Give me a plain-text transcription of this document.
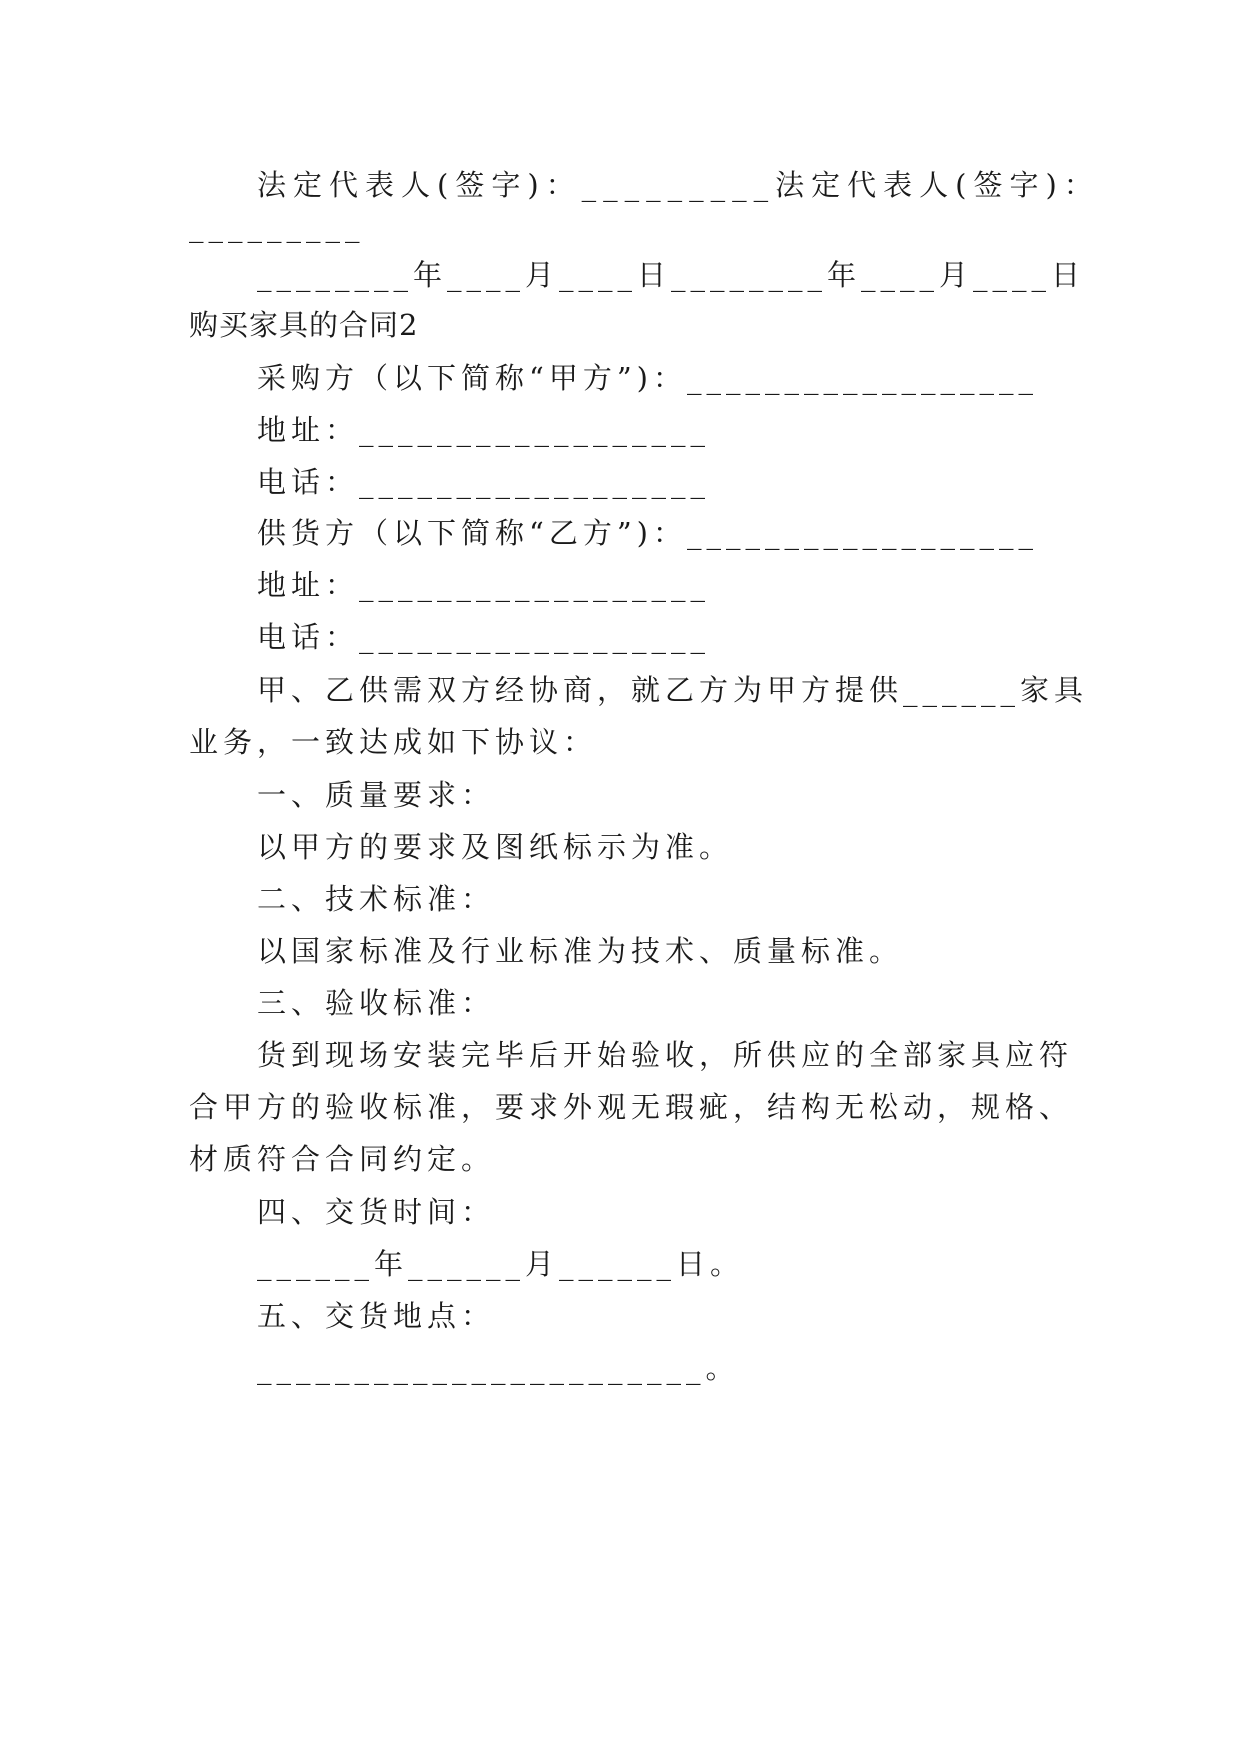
法定代表人(签字)：_________法定代表人(签字)：
_________
________年____月____日________年____月____日
购买家具的合同2
采购方（以下简称“甲方”)：__________________
地址：__________________
电话：__________________
供货方（以下简称“乙方”)：__________________
地址：__________________
电话：__________________
甲、乙供需双方经协商，就乙方为甲方提供______家具
业务，一致达成如下协议：
一、质量要求：
以甲方的要求及图纸标示为准。
二、技术标准：
以国家标准及行业标准为技术、质量标准。
三、验收标准：
货到现场安装完毕后开始验收，所供应的全部家具应符
合甲方的验收标准，要求外观无瑕疵，结构无松动，规格、
材质符合合同约定。
四、交货时间：
______年______月______日。
五、交货地点：
_______________________。
